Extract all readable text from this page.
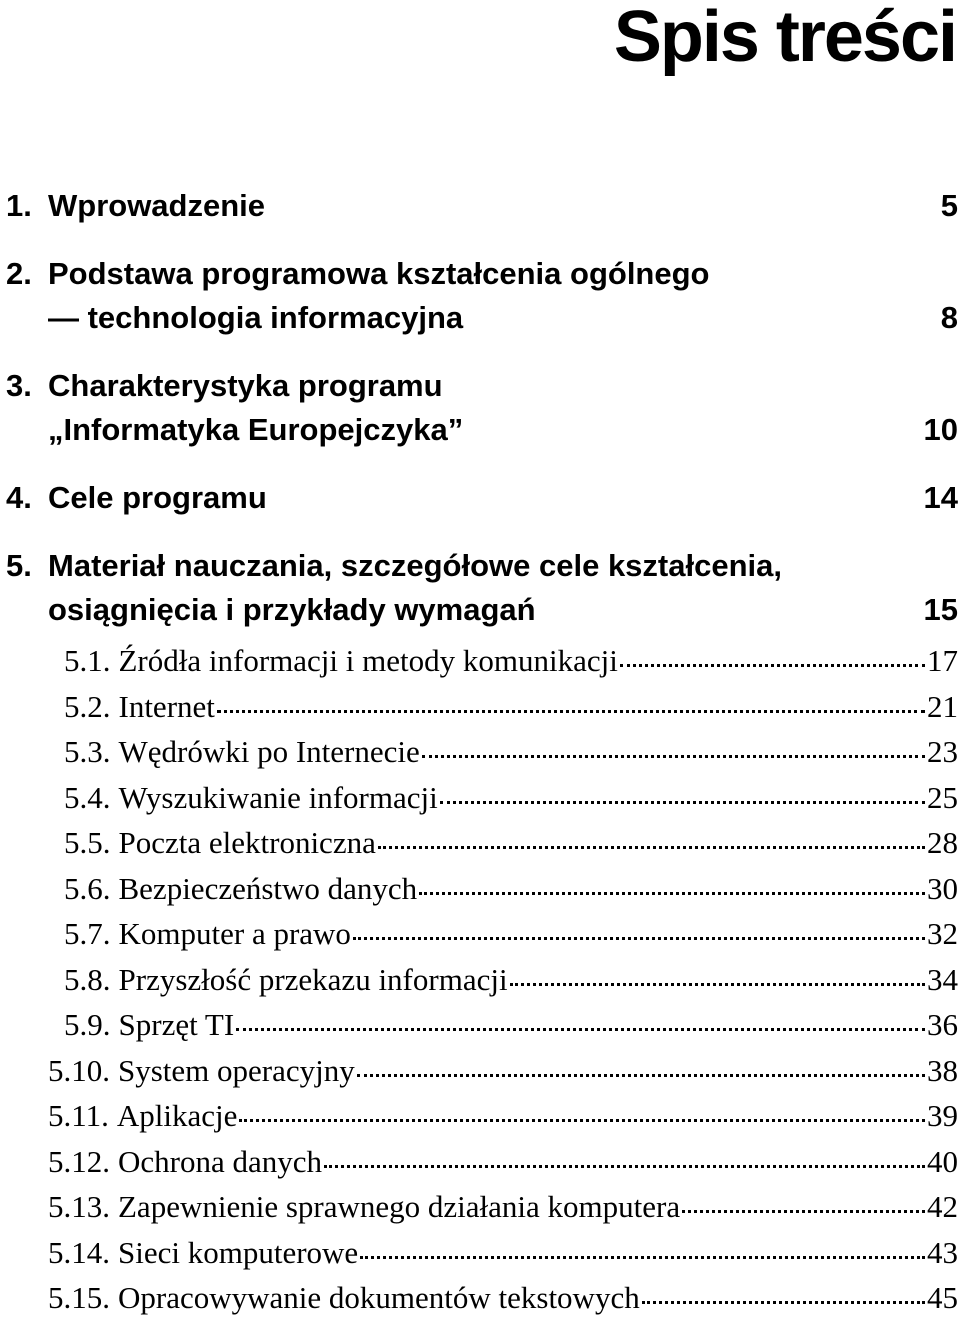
Spis treści
1. Wprowadzenie	5
2. Podstawa programowa kształcenia ogólnego
— technologia informacyjna	8
3. Charakterystyka programu
„Informatyka Europejczyka”	10
4. Cele programu	14
5. Materiał nauczania, szczegółowe cele kształcenia,
osiągnięcia i przykłady wymagań	15
5.1. Źródła informacji i metody komunikacji	17
5.2. Internet	21
5.3. Wędrówki po Internecie	23
5.4. Wyszukiwanie informacji	25
5.5. Poczta elektroniczna	28
5.6. Bezpieczeństwo danych	30
5.7. Komputer a prawo	32
5.8. Przyszłość przekazu informacji	34
5.9. Sprzęt TI	36
5.10. System operacyjny	38
5.11. Aplikacje	39
5.12. Ochrona danych	40
5.13. Zapewnienie sprawnego działania komputera	42
5.14. Sieci komputerowe	43
5.15. Opracowywanie dokumentów tekstowych	45
